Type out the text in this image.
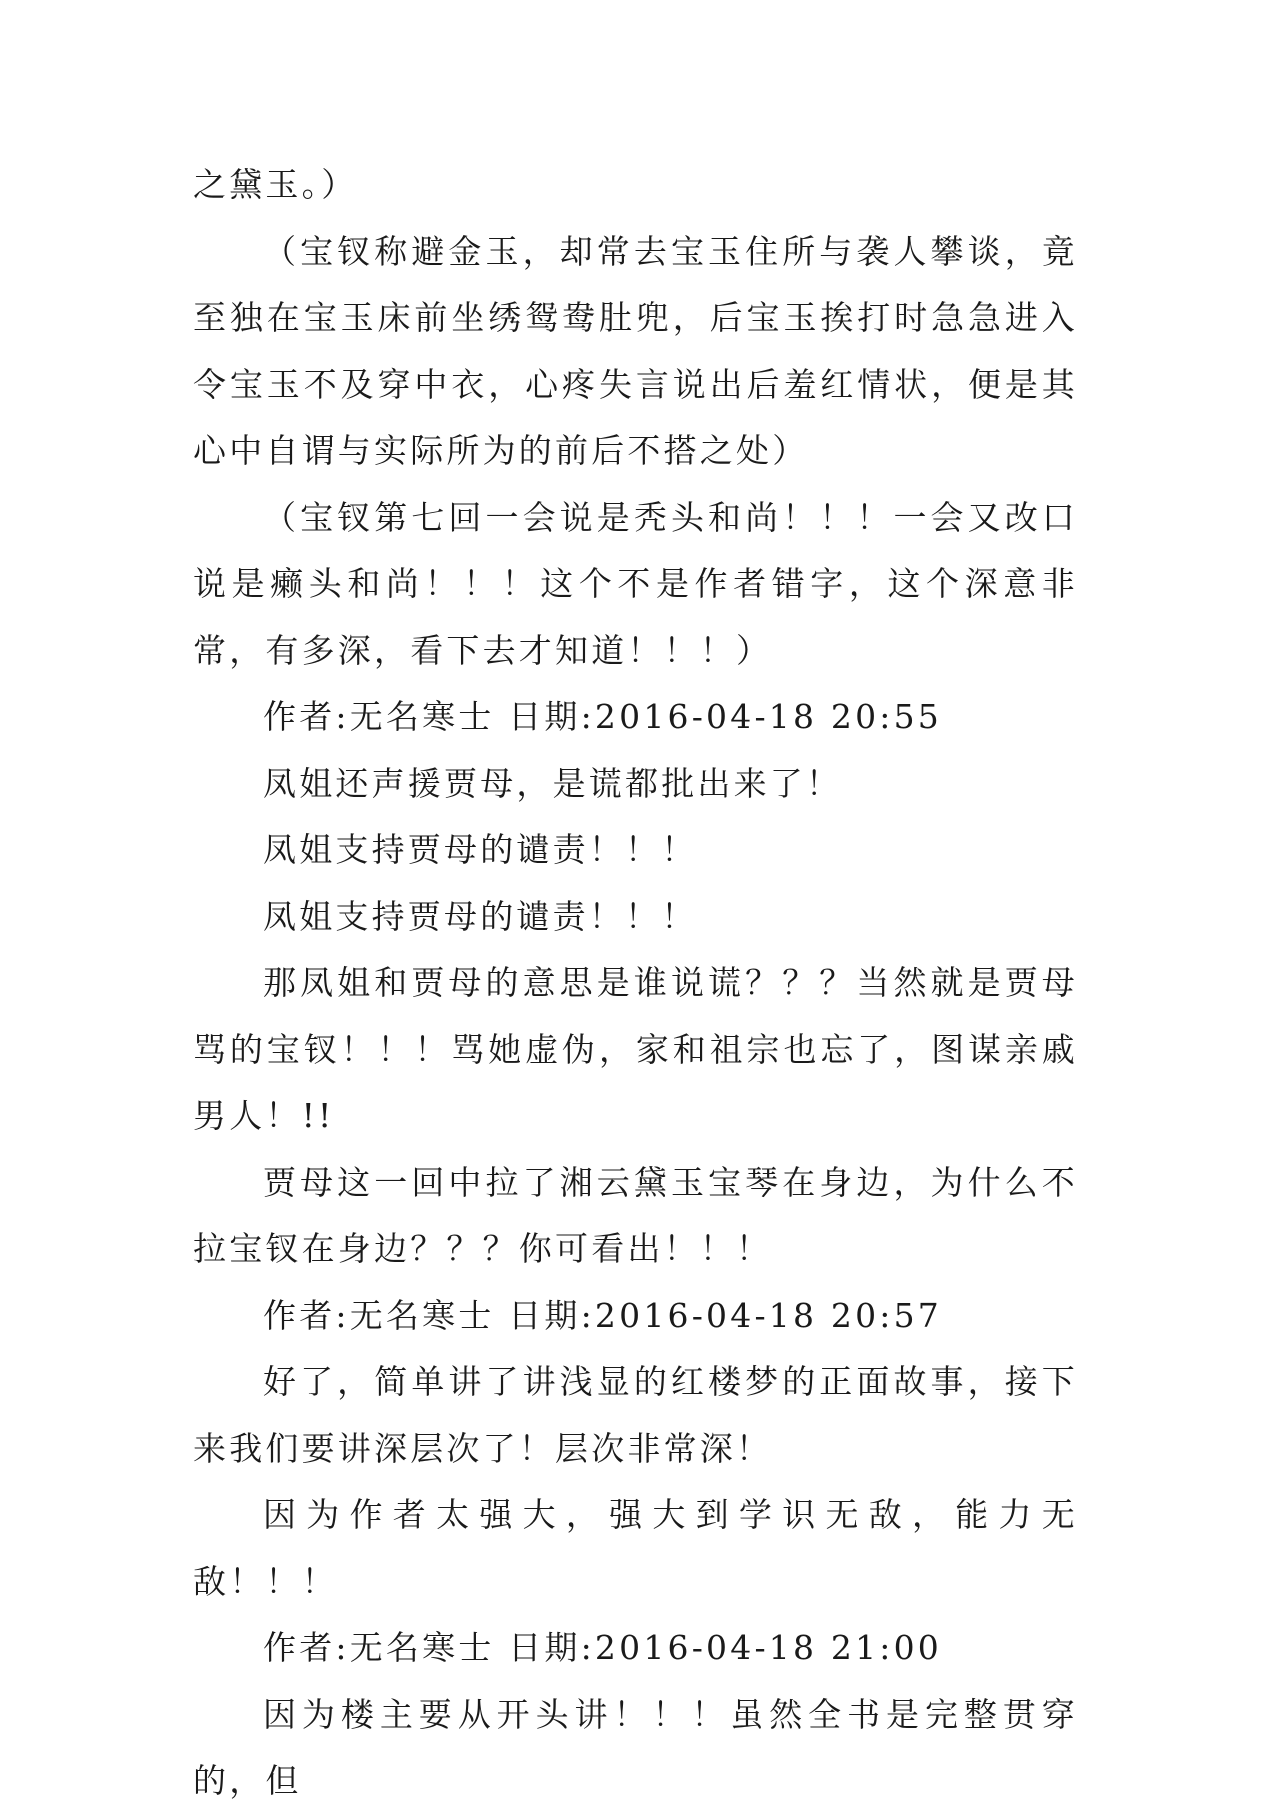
之黛玉。）

（宝钗称避金玉，却常去宝玉住所与袭人攀谈，竟至独在宝玉床前坐绣鸳鸯肚兜，后宝玉挨打时急急进入令宝玉不及穿中衣，心疼失言说出后羞红情状，便是其心中自谓与实际所为的前后不搭之处）

（宝钗第七回一会说是秃头和尚！！！一会又改口说是癞头和尚！！！这个不是作者错字，这个深意非常，有多深，看下去才知道！！！）

作者:无名寒士 日期:2016-04-18 20:55

凤姐还声援贾母，是谎都批出来了！

凤姐支持贾母的谴责！！！

凤姐支持贾母的谴责！！！

那凤姐和贾母的意思是谁说谎？？？当然就是贾母骂的宝钗！！！骂她虚伪，家和祖宗也忘了，图谋亲戚男人！!!

贾母这一回中拉了湘云黛玉宝琴在身边，为什么不拉宝钗在身边？？？你可看出！！！

作者:无名寒士 日期:2016-04-18 20:57

好了，简单讲了讲浅显的红楼梦的正面故事，接下来我们要讲深层次了！层次非常深！

因为作者太强大，强大到学识无敌，能力无敌！！！

作者:无名寒士 日期:2016-04-18 21:00

因为楼主要从开头讲！！！虽然全书是完整贯穿的，但
